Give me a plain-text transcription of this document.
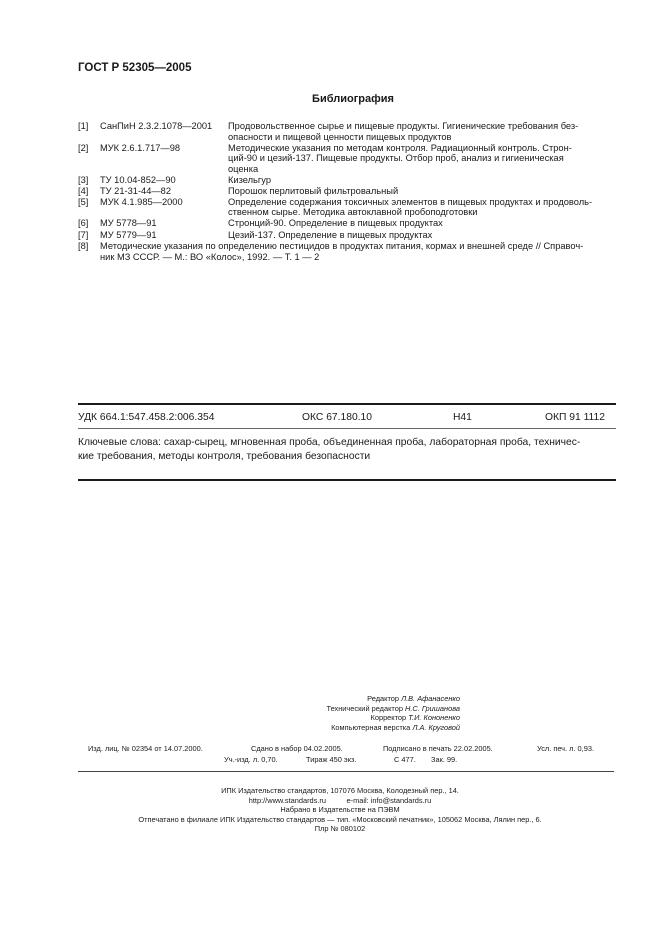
ГОСТ Р 52305—2005
Библиография
[1]	СанПиН 2.3.2.1078—2001	Продовольственное сырье и пищевые продукты. Гигиенические требования без-
опасности и пищевой ценности пищевых продуктов
[2]	МУК 2.6.1.717—98	Методические указания по методам контроля. Радиационный контроль. Строн-
ций-90 и цезий-137. Пищевые продукты. Отбор проб, анализ и гигиеническая
оценка
[3]	ТУ 10.04-852—90	Кизельгур
[4]	ТУ 21-31-44—82	Порошок перлитовый фильтровальный
[5]	МУК 4.1.985—2000	Определение содержания токсичных элементов в пищевых продуктах и продоволь-
ственном сырье. Методика автоклавной пробоподготовки
[6]	МУ 5778—91	Стронций-90. Определение в пищевых продуктах
[7]	МУ 5779—91	Цезий-137. Определение в пищевых продуктах
[8]	Методические указания по определению пестицидов в продуктах питания, кормах и внешней среде // Справоч-
ник МЗ СССР. — М.: ВО «Колос», 1992. — Т. 1 — 2
УДК 664.1:547.458.2:006.354	ОКС 67.180.10	Н41	ОКП 91 1112
Ключевые слова: сахар-сырец, мгновенная проба, объединенная проба, лабораторная проба, техничес-
кие требования, методы контроля, требования безопасности
Редактор Л.В. Афанасенко
Технический редактор Н.С. Гришанова
Корректор Т.И. Кононенко
Компьютерная верстка Л.А. Круговой
Изд. лиц. № 02354 от 14.07.2000.	Сдано в набор 04.02.2005.	Подписано в печать 22.02.2005.	Усл. печ. л. 0,93.
Уч.-изд. л. 0,70.	Тираж 450 экз.	С 477. Зак. 99.
ИПК Издательство стандартов, 107076 Москва, Колодезный пер., 14.
http://www.standards.ru          e-mail: info@standards.ru
Набрано в Издательстве на ПЭВМ
Отпечатано в филиале ИПК Издательство стандартов — тип. «Московский печатник», 105062 Москва, Лялин пер., 6.
Плр № 080102
